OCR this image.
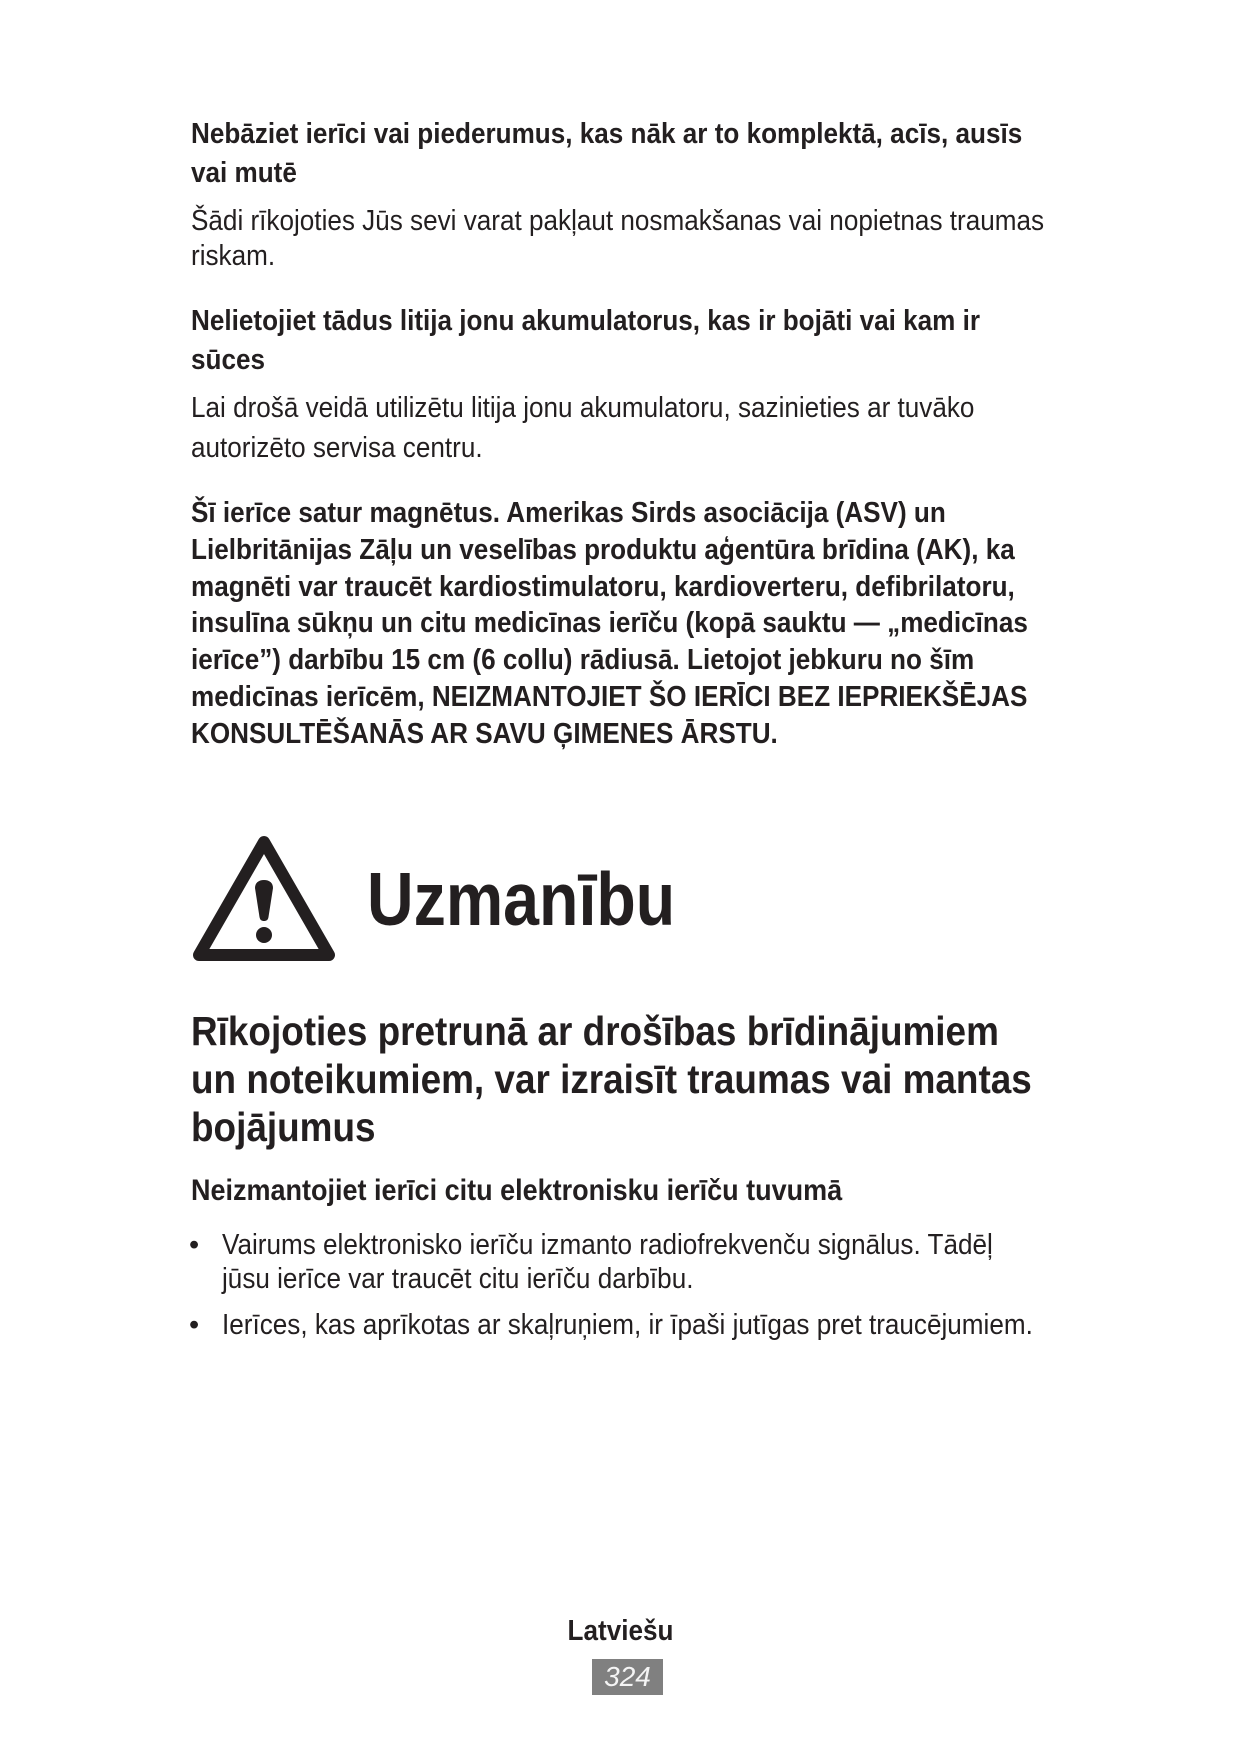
Nebāziet ierīci vai piederumus, kas nāk ar to komplektā, acīs, ausīs
vai mutē
Šādi rīkojoties Jūs sevi varat pakļaut nosmakšanas vai nopietnas traumas
riskam.
Nelietojiet tādus litija jonu akumulatorus, kas ir bojāti vai kam ir
sūces
Lai drošā veidā utilizētu litija jonu akumulatoru, sazinieties ar tuvāko
autorizēto servisa centru.
Šī ierīce satur magnētus. Amerikas Sirds asociācija (ASV) un
Lielbritānijas Zāļu un veselības produktu aģentūra brīdina (AK), ka
magnēti var traucēt kardiostimulatoru, kardioverteru, defibrilatoru,
insulīna sūkņu un citu medicīnas ierīču (kopā sauktu — „medicīnas
ierīce”) darbību 15 cm (6 collu) rādiusā. Lietojot jebkuru no šīm
medicīnas ierīcēm, NEIZMANTOJIET ŠO IERĪCI BEZ IEPRIEKŠĒJAS
KONSULTĒŠANĀS AR SAVU ĢIMENES ĀRSTU.
Uzmanību
Rīkojoties pretrunā ar drošības brīdinājumiem
un noteikumiem, var izraisīt traumas vai mantas
bojājumus
Neizmantojiet ierīci citu elektronisku ierīču tuvumā
• Vairums elektronisko ierīču izmanto radiofrekvenču signālus. Tādēļ
jūsu ierīce var traucēt citu ierīču darbību.
• Ierīces, kas aprīkotas ar skaļruņiem, ir īpaši jutīgas pret traucējumiem.
Latviešu
324
